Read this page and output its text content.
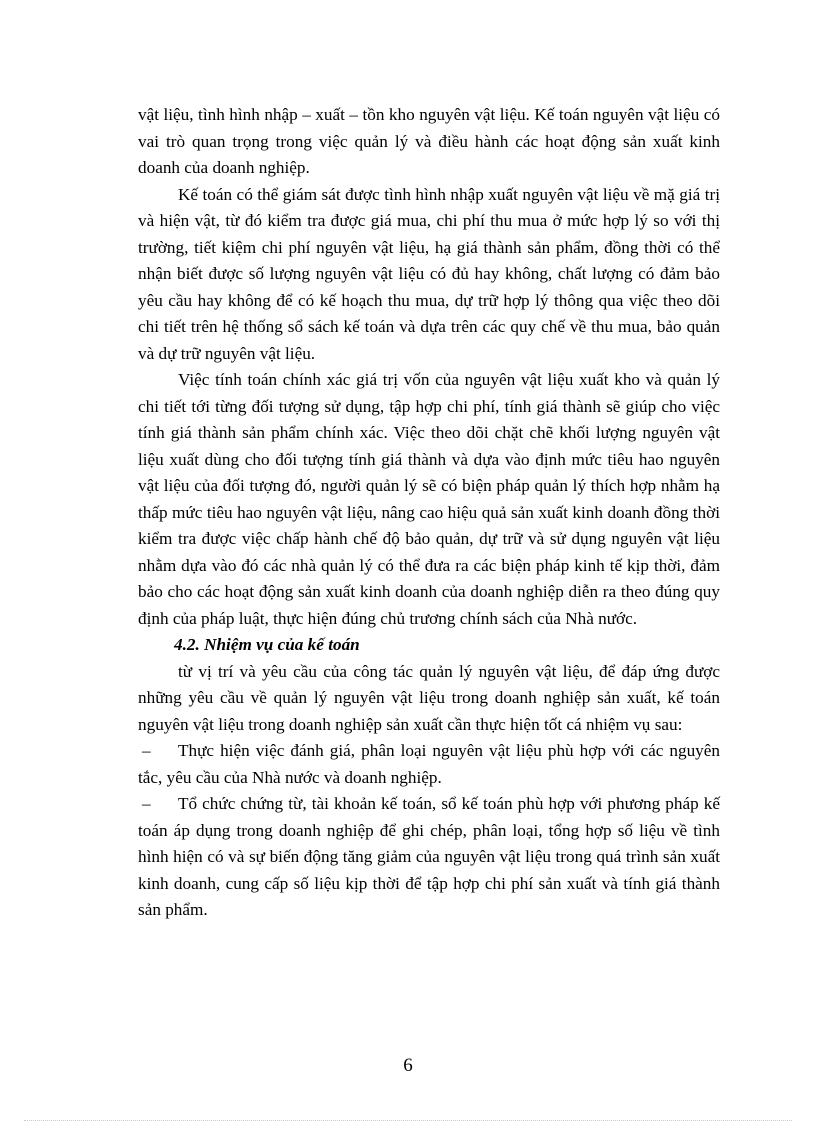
vật liệu, tình hình nhập – xuất – tồn kho nguyên vật liệu. Kế toán nguyên vật liệu có vai trò quan trọng trong việc quản lý và điều hành các hoạt động sản xuất kinh doanh của doanh nghiệp.

Kế toán có thể giám sát được tình hình nhập xuất nguyên vật liệu về mặ giá trị và hiện vật, từ đó kiểm tra được giá mua, chi phí thu mua ở mức hợp lý so với thị trường, tiết kiệm chi phí nguyên vật liệu, hạ giá thành sản phẩm, đồng thời có thể nhận biết được số lượng nguyên vật liệu có đủ hay không, chất lượng có đảm bảo yêu cầu hay không để có kế hoạch thu mua, dự trữ hợp lý thông qua việc theo dõi chi tiết trên hệ thống sổ sách kế toán và dựa trên các quy chế về thu mua, bảo quản và dự trữ nguyên vật liệu.

Việc tính toán chính xác giá trị vốn của nguyên vật liệu xuất kho và quản lý chi tiết tới từng đối tượng sử dụng, tập hợp chi phí, tính giá thành sẽ giúp cho việc tính giá thành sản phẩm chính xác. Việc theo dõi chặt chẽ khối lượng nguyên vật liệu xuất dùng cho đối tượng tính giá thành và dựa vào định mức tiêu hao nguyên vật liệu của đối tượng đó, người quản lý sẽ có biện pháp quản lý thích hợp nhằm hạ thấp mức tiêu hao nguyên vật liệu, nâng cao hiệu quả sản xuất kinh doanh đồng thời kiểm tra được việc chấp hành chế độ bảo quản, dự trữ và sử dụng nguyên vật liệu nhằm dựa vào đó các nhà quản lý có thể đưa ra các biện pháp kinh tế kịp thời, đảm bảo cho các hoạt động sản xuất kinh doanh của doanh nghiệp diễn ra theo đúng quy định của pháp luật, thực hiện đúng chủ trương chính sách của Nhà nước.

4.2. Nhiệm vụ của kế toán

từ vị trí và yêu cầu của công tác quản lý nguyên vật liệu, để đáp ứng được những yêu cầu về quản lý nguyên vật liệu trong doanh nghiệp sản xuất, kế toán nguyên vật liệu trong doanh nghiệp sản xuất cần thực hiện tốt cá nhiệm vụ sau:

– Thực hiện việc đánh giá, phân loại nguyên vật liệu phù hợp với các nguyên tắc, yêu cầu của Nhà nước và doanh nghiệp.

– Tổ chức chứng từ, tài khoản kế toán, sổ kế toán phù hợp với phương pháp kế toán áp dụng trong doanh nghiệp để ghi chép, phân loại, tổng hợp số liệu về tình hình hiện có và sự biến động tăng giảm của nguyên vật liệu trong quá trình sản xuất kinh doanh, cung cấp số liệu kịp thời để tập hợp chi phí sản xuất và tính giá thành sản phẩm.

6
